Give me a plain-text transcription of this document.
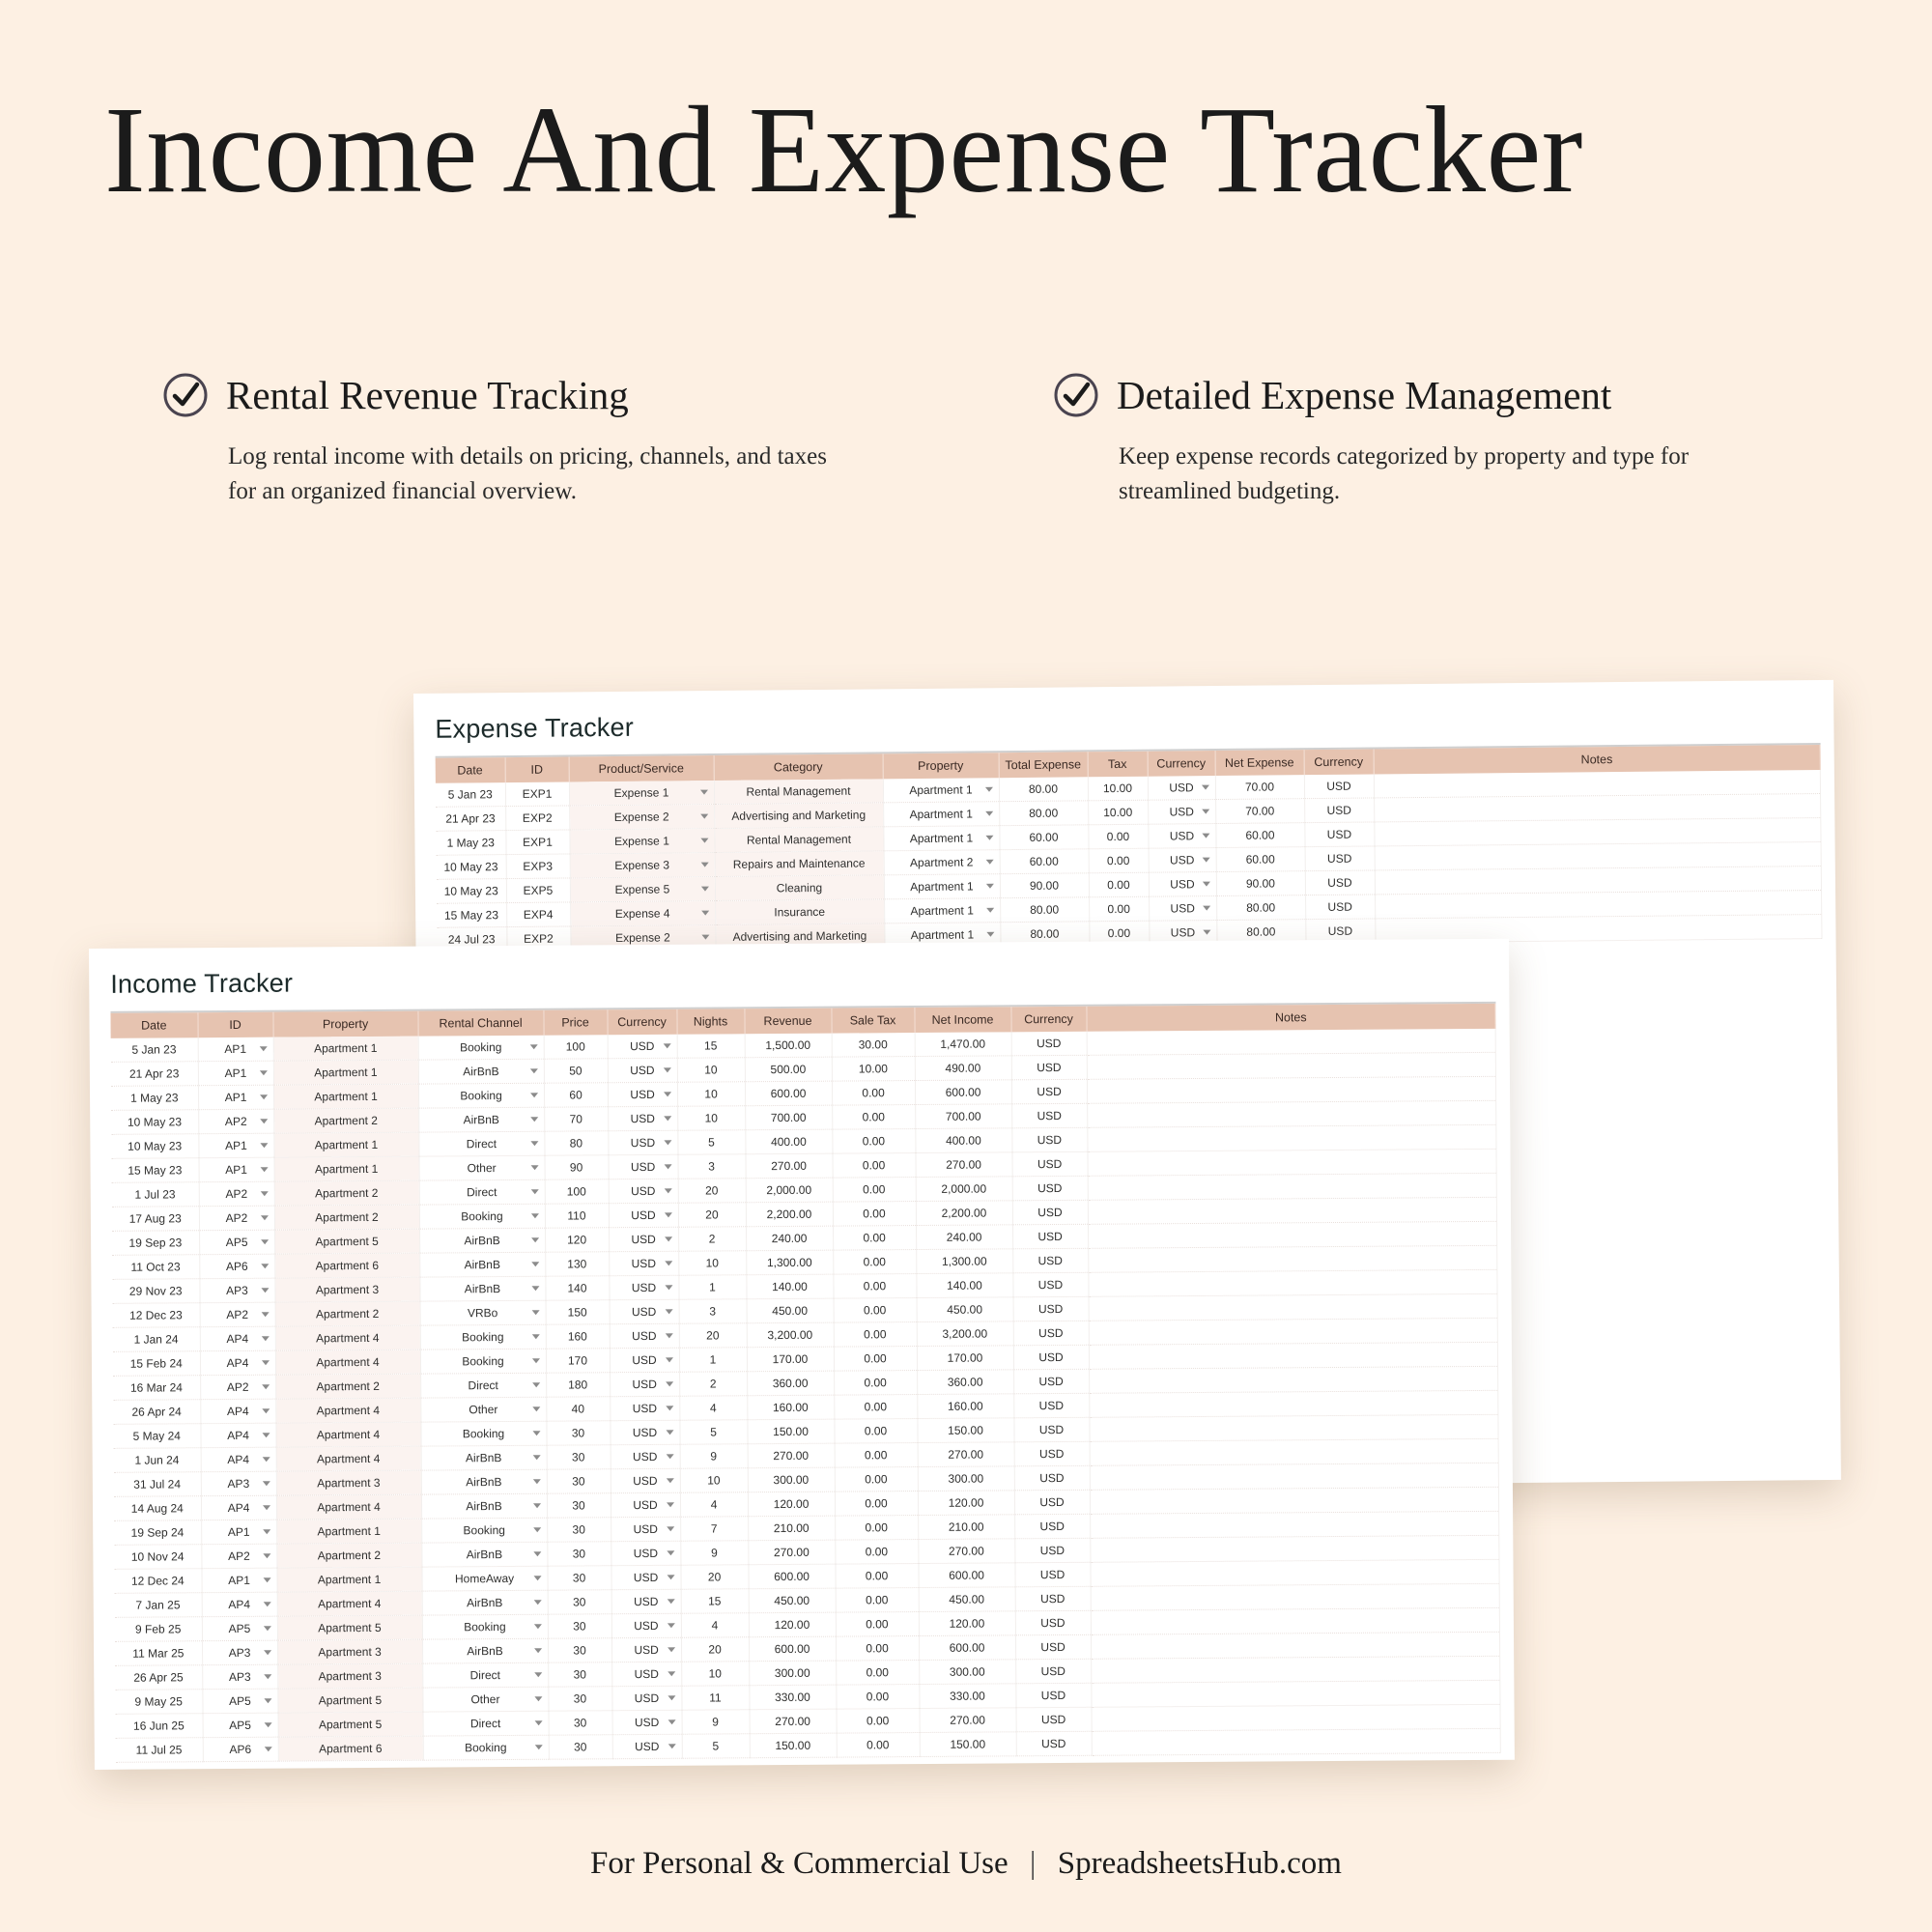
Income And Expense Tracker
Rental Revenue Tracking
Log rental income with details on pricing, channels, and taxes for an organized financial overview.
Detailed Expense Management
Keep expense records categorized by property and type for streamlined budgeting.
Expense Tracker
Date	ID	Product/Service	Category	Property	Total Expense	Tax	Currency	Net Expense	Currency	Notes
5 Jan 23	EXP1	Expense 1	Rental Management	Apartment 1	80.00	10.00	USD	70.00	USD	
21 Apr 23	EXP2	Expense 2	Advertising and Marketing	Apartment 1	80.00	10.00	USD	70.00	USD	
1 May 23	EXP1	Expense 1	Rental Management	Apartment 1	60.00	0.00	USD	60.00	USD	
10 May 23	EXP3	Expense 3	Repairs and Maintenance	Apartment 2	60.00	0.00	USD	60.00	USD	
10 May 23	EXP5	Expense 5	Cleaning	Apartment 1	90.00	0.00	USD	90.00	USD	
15 May 23	EXP4	Expense 4	Insurance	Apartment 1	80.00	0.00	USD	80.00	USD	
24 Jul 23	EXP2	Expense 2	Advertising and Marketing	Apartment 1	80.00	0.00	USD	80.00	USD	
Income Tracker
Date	ID	Property	Rental Channel	Price	Currency	Nights	Revenue	Sale Tax	Net Income	Currency	Notes
5 Jan 23	AP1	Apartment 1	Booking	100	USD	15	1,500.00	30.00	1,470.00	USD	
21 Apr 23	AP1	Apartment 1	AirBnB	50	USD	10	500.00	10.00	490.00	USD	
1 May 23	AP1	Apartment 1	Booking	60	USD	10	600.00	0.00	600.00	USD	
10 May 23	AP2	Apartment 2	AirBnB	70	USD	10	700.00	0.00	700.00	USD	
10 May 23	AP1	Apartment 1	Direct	80	USD	5	400.00	0.00	400.00	USD	
15 May 23	AP1	Apartment 1	Other	90	USD	3	270.00	0.00	270.00	USD	
1 Jul 23	AP2	Apartment 2	Direct	100	USD	20	2,000.00	0.00	2,000.00	USD	
17 Aug 23	AP2	Apartment 2	Booking	110	USD	20	2,200.00	0.00	2,200.00	USD	
19 Sep 23	AP5	Apartment 5	AirBnB	120	USD	2	240.00	0.00	240.00	USD	
11 Oct 23	AP6	Apartment 6	AirBnB	130	USD	10	1,300.00	0.00	1,300.00	USD	
29 Nov 23	AP3	Apartment 3	AirBnB	140	USD	1	140.00	0.00	140.00	USD	
12 Dec 23	AP2	Apartment 2	VRBo	150	USD	3	450.00	0.00	450.00	USD	
1 Jan 24	AP4	Apartment 4	Booking	160	USD	20	3,200.00	0.00	3,200.00	USD	
15 Feb 24	AP4	Apartment 4	Booking	170	USD	1	170.00	0.00	170.00	USD	
16 Mar 24	AP2	Apartment 2	Direct	180	USD	2	360.00	0.00	360.00	USD	
26 Apr 24	AP4	Apartment 4	Other	40	USD	4	160.00	0.00	160.00	USD	
5 May 24	AP4	Apartment 4	Booking	30	USD	5	150.00	0.00	150.00	USD	
1 Jun 24	AP4	Apartment 4	AirBnB	30	USD	9	270.00	0.00	270.00	USD	
31 Jul 24	AP3	Apartment 3	AirBnB	30	USD	10	300.00	0.00	300.00	USD	
14 Aug 24	AP4	Apartment 4	AirBnB	30	USD	4	120.00	0.00	120.00	USD	
19 Sep 24	AP1	Apartment 1	Booking	30	USD	7	210.00	0.00	210.00	USD	
10 Nov 24	AP2	Apartment 2	AirBnB	30	USD	9	270.00	0.00	270.00	USD	
12 Dec 24	AP1	Apartment 1	HomeAway	30	USD	20	600.00	0.00	600.00	USD	
7 Jan 25	AP4	Apartment 4	AirBnB	30	USD	15	450.00	0.00	450.00	USD	
9 Feb 25	AP5	Apartment 5	Booking	30	USD	4	120.00	0.00	120.00	USD	
11 Mar 25	AP3	Apartment 3	AirBnB	30	USD	20	600.00	0.00	600.00	USD	
26 Apr 25	AP3	Apartment 3	Direct	30	USD	10	300.00	0.00	300.00	USD	
9 May 25	AP5	Apartment 5	Other	30	USD	11	330.00	0.00	330.00	USD	
16 Jun 25	AP5	Apartment 5	Direct	30	USD	9	270.00	0.00	270.00	USD	
11 Jul 25	AP6	Apartment 6	Booking	30	USD	5	150.00	0.00	150.00	USD	
For Personal & Commercial Use | SpreadsheetsHub.com
